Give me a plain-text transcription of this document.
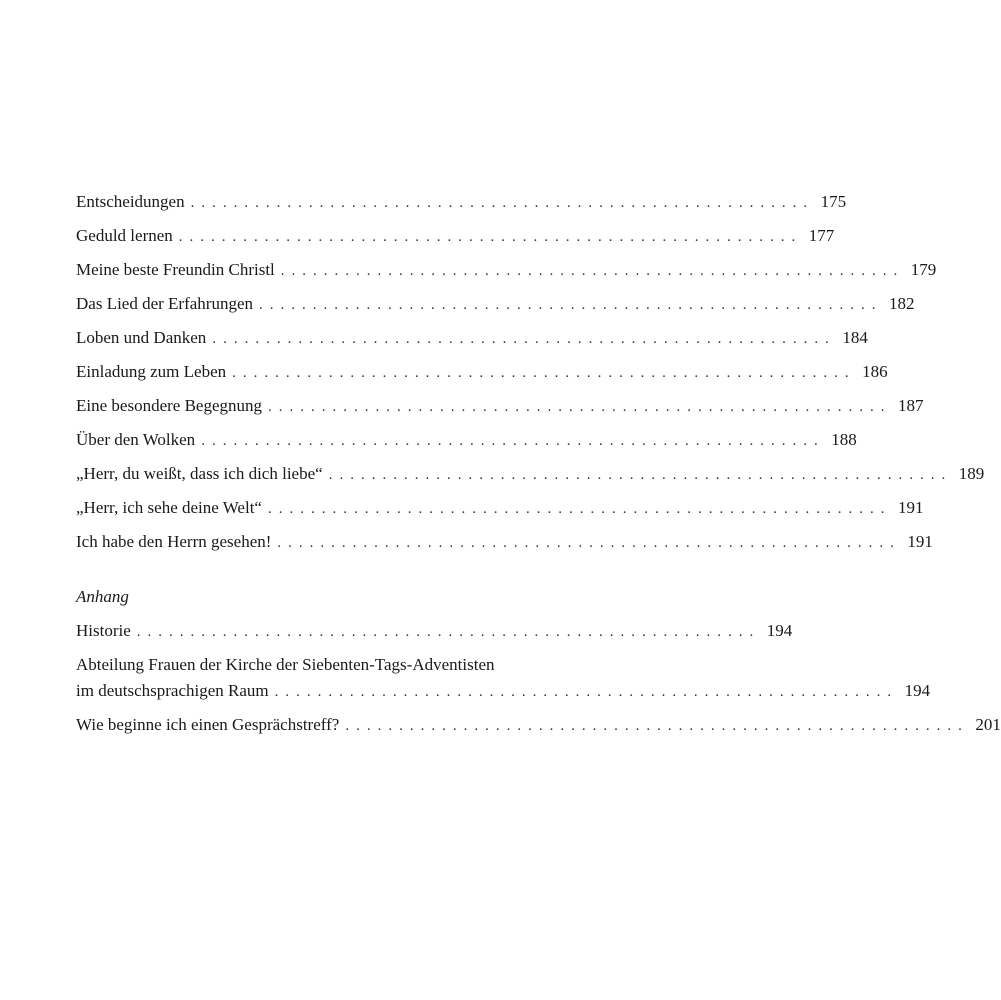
Entscheidungen .......................................................... 175
Geduld lernen .......................................................... 177
Meine beste Freundin Christl .......................................................... 179
Das Lied der Erfahrungen .......................................................... 182
Loben und Danken .......................................................... 184
Einladung zum Leben .......................................................... 186
Eine besondere Begegnung .......................................................... 187
Über den Wolken .......................................................... 188
„Herr, du weißt, dass ich dich liebe“ .......................................................... 189
„Herr, ich sehe deine Welt“ .......................................................... 191
Ich habe den Herrn gesehen! .......................................................... 191
Anhang
Historie .......................................................... 194
Abteilung Frauen der Kirche der Siebenten-Tags-Adventisten
im deutschsprachigen Raum .......................................................... 194
Wie beginne ich einen Gesprächstreff? .......................................................... 201
